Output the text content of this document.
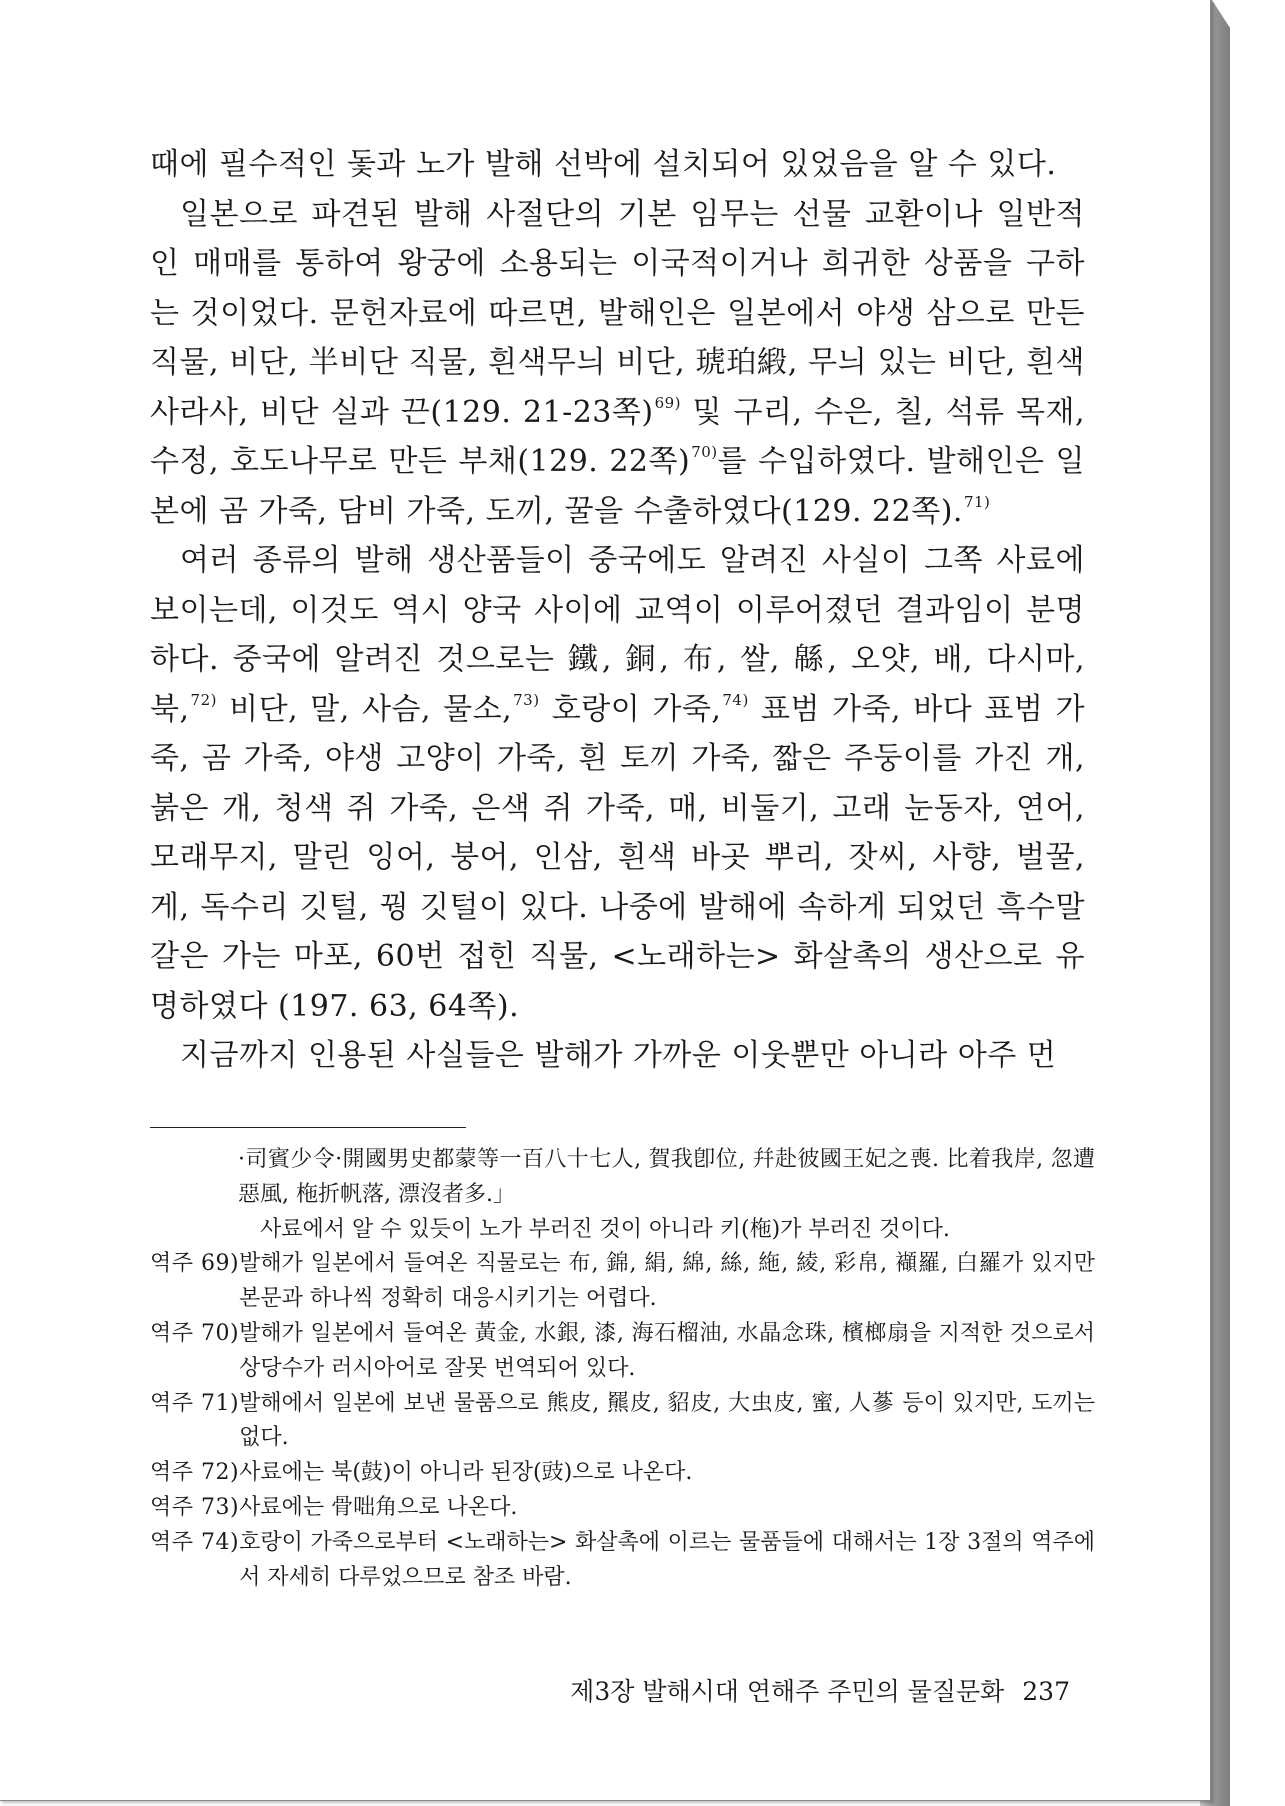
때에 필수적인 돛과 노가 발해 선박에 설치되어 있었음을 알 수 있다.

일본으로 파견된 발해 사절단의 기본 임무는 선물 교환이나 일반적인 매매를 통하여 왕궁에 소용되는 이국적이거나 희귀한 상품을 구하는 것이었다. 문헌자료에 따르면, 발해인은 일본에서 야생 삼으로 만든 직물, 비단, 半비단 직물, 흰색무늬 비단, 琥珀緞, 무늬 있는 비단, 흰색 사라사, 비단 실과 끈(129. 21-23쪽)$^{69)}$ 및 구리, 수은, 칠, 석류 목재, 수정, 호도나무로 만든 부채(129. 22쪽)$^{70)}$를 수입하였다. 발해인은 일본에 곰 가죽, 담비 가죽, 도끼, 꿀을 수출하였다(129. 22쪽).$^{71)}$

여러 종류의 발해 생산품들이 중국에도 알려진 사실이 그쪽 사료에 보이는데, 이것도 역시 양국 사이에 교역이 이루어졌던 결과임이 분명하다. 중국에 알려진 것으로는 鐵, 銅, 布, 쌀, 緜, 오얏, 배, 다시마, 북,$^{72)}$ 비단, 말, 사슴, 물소,$^{73)}$ 호랑이 가죽,$^{74)}$ 표범 가죽, 바다 표범 가죽, 곰 가죽, 야생 고양이 가죽, 흰 토끼 가죽, 짧은 주둥이를 가진 개, 붉은 개, 청색 쥐 가죽, 은색 쥐 가죽, 매, 비둘기, 고래 눈동자, 연어, 모래무지, 말린 잉어, 붕어, 인삼, 흰색 바곳 뿌리, 잣씨, 사향, 벌꿀, 게, 독수리 깃털, 꿩 깃털이 있다. 나중에 발해에 속하게 되었던 흑수말갈은 가는 마포, 60번 접힌 직물, <노래하는> 화살촉의 생산으로 유명하였다 (197. 63, 64쪽).

지금까지 인용된 사실들은 발해가 가까운 이웃뿐만 아니라 아주 먼

·司賓少令·開國男史都蒙等一百八十七人, 賀我卽位, 幷赴彼國王妃之喪. 比着我岸, 忽遭惡風, 柂折帆落, 漂沒者多.」
사료에서 알 수 있듯이 노가 부러진 것이 아니라 키(柂)가 부러진 것이다.
역주 69) 발해가 일본에서 들여온 직물로는 布, 錦, 絹, 綿, 絲, 絁, 綾, 彩帛, 襭羅, 白羅가 있지만 본문과 하나씩 정확히 대응시키기는 어렵다.
역주 70) 발해가 일본에서 들여온 黃金, 水銀, 漆, 海石榴油, 水晶念珠, 檳榔扇을 지적한 것으로서 상당수가 러시아어로 잘못 번역되어 있다.
역주 71) 발해에서 일본에 보낸 물품으로 熊皮, 羆皮, 貂皮, 大虫皮, 蜜, 人蔘 등이 있지만, 도끼는 없다.
역주 72) 사료에는 북(鼓)이 아니라 된장(豉)으로 나온다.
역주 73) 사료에는 骨咄角으로 나온다.
역주 74) 호랑이 가죽으로부터 <노래하는> 화살촉에 이르는 물품들에 대해서는 1장 3절의 역주에서 자세히 다루었으므로 참조 바람.
제3장 발해시대 연해주 주민의 물질문화 237
